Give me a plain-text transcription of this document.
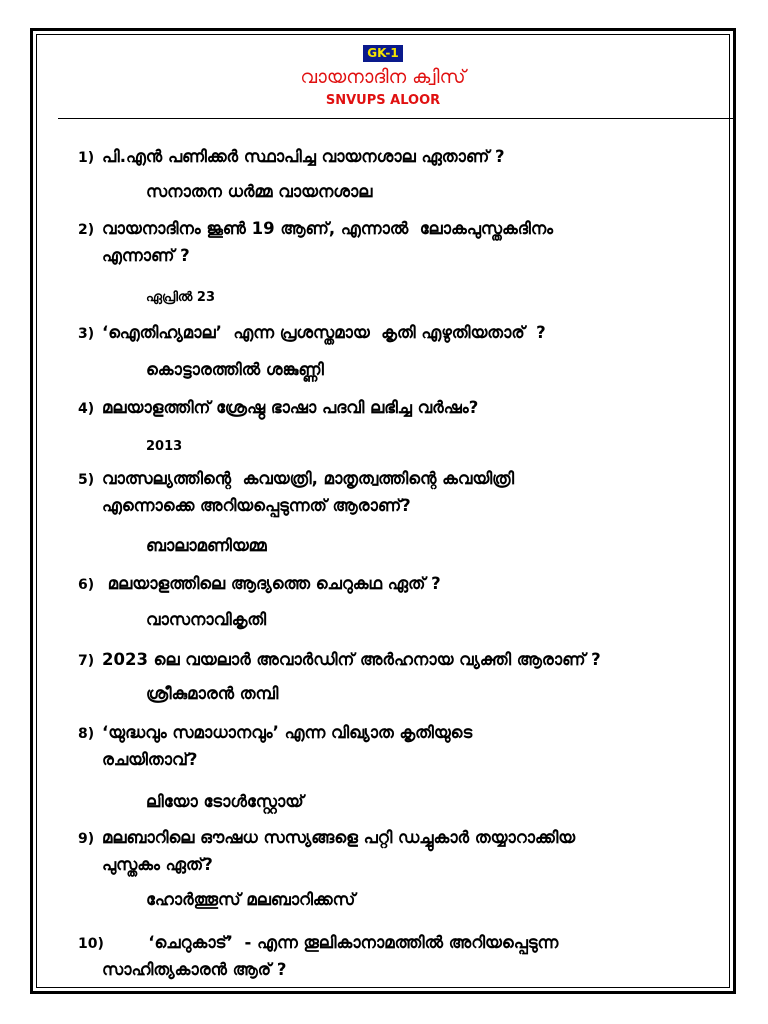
GK-1
വായനാദിന ക്വിസ്
SNVUPS ALOOR
1) പി.എൻ പണിക്കർ സ്ഥാപിച്ച വായനശാല ഏതാണ് ?
സനാതന ധർമ്മ വായനശാല
2) വായനാദിനം ജൂൺ 19 ആണ്, എന്നാൽ  ലോകപുസ്തകദിനം
എന്നാണ് ?
ഏപ്രിൽ 23
3) ‘ഐതിഹ്യമാല’  എന്ന പ്രശസ്തമായ  കൃതി എഴുതിയതാര്  ?
കൊട്ടാരത്തിൽ ശങ്കുണ്ണി
4) മലയാളത്തിന് ശ്രേഷ്ഠ ഭാഷാ പദവി ലഭിച്ച വർഷം?
2013
5) വാത്സല്യത്തിന്റെ  കവയത്രി, മാതൃത്വത്തിന്റെ കവയിത്രി
എന്നൊക്കെ അറിയപ്പെടുന്നത് ആരാണ്?
ബാലാമണിയമ്മ
6) മലയാളത്തിലെ ആദ്യത്തെ ചെറുകഥ ഏത് ?
വാസനാവികൃതി
7) 2023 ലെ വയലാർ അവാർഡിന് അർഹനായ വ്യക്തി ആരാണ് ?
ശ്രീകുമാരൻ തമ്പി
8) ‘യുദ്ധവും സമാധാനവും’ എന്ന വിഖ്യാത കൃതിയുടെ
രചയിതാവ്?
ലിയോ ടോൾസ്റ്റോയ്
9) മലബാറിലെ ഔഷധ സസ്യങ്ങളെ പറ്റി ഡച്ചുകാർ തയ്യാറാക്കിയ
പുസ്തകം ഏത്?
ഹോർത്തൂസ് മലബാറിക്കസ്
10)       ‘ചെറുകാട്’  - എന്ന തൂലികാനാമത്തിൽ അറിയപ്പെടുന്ന
സാഹിത്യകാരൻ ആര് ?
